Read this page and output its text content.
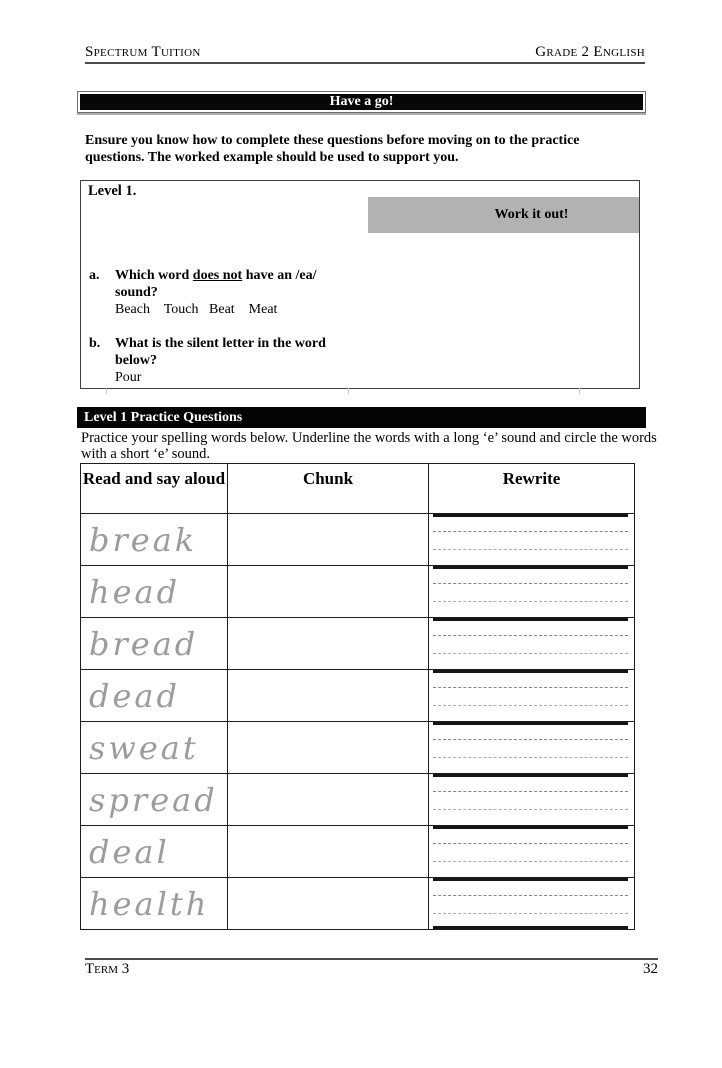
Spectrum Tuition	Grade 2 English
Have a go!

Ensure you know how to complete these questions before moving on to the practice questions. The worked example should be used to support you.

Level 1.
Work it out!
a.	Which word does not have an /ea/
sound?
Beach    Touch   Beat    Meat
b.	What is the silent letter in the word
below?
Pour
Level 1 Practice Questions

Practice your spelling words below. Underline the words with a long ‘e’ sound and circle the words with a short ‘e’ sound.

Read and say aloud	Chunk	Rewrite
break		

head		

bread		

dead		

sweat		

spread		

deal		

health		
Term 3	32
